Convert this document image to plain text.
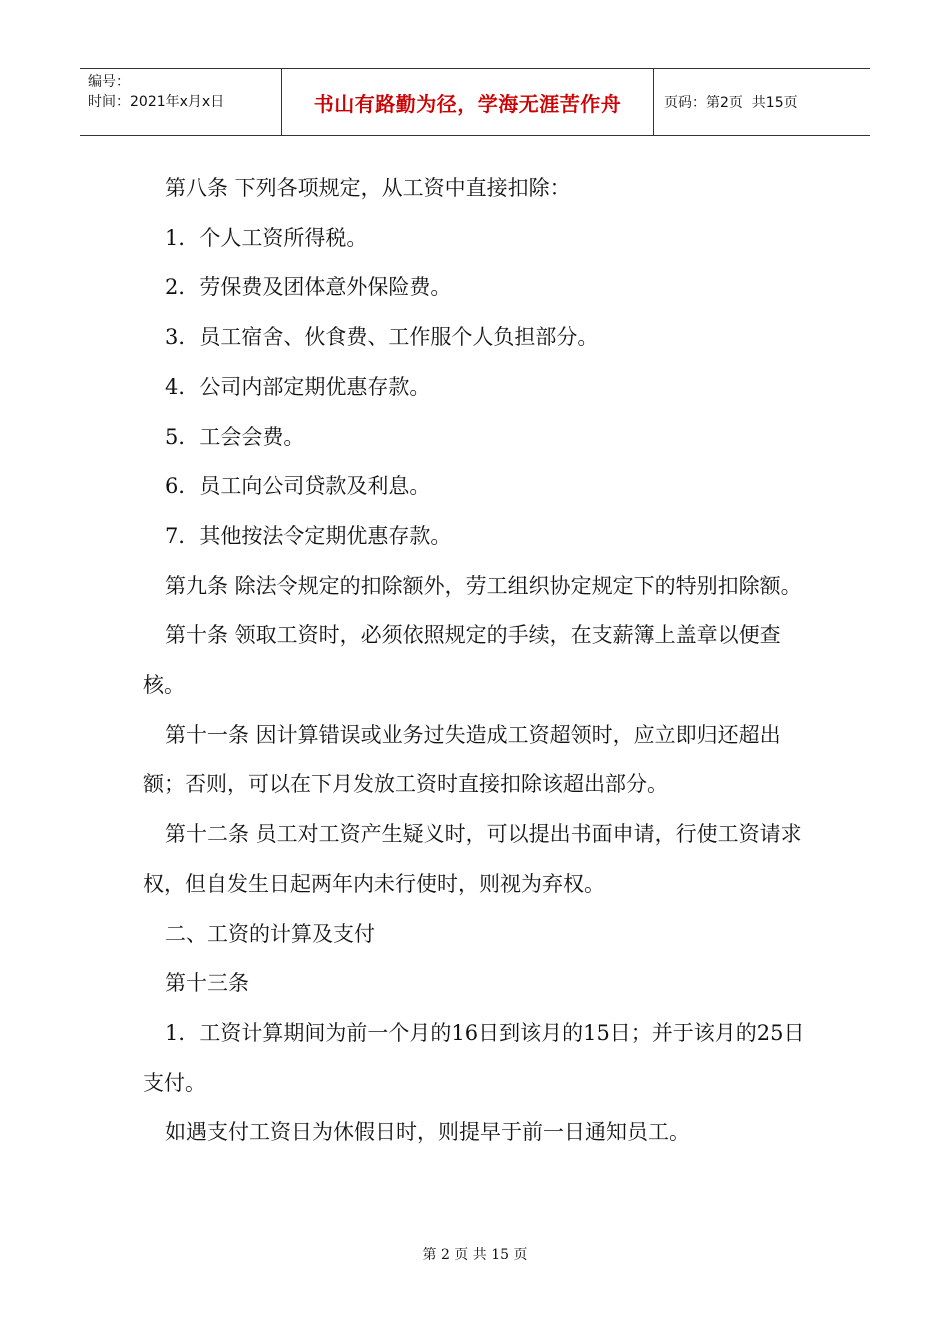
编号：
时间：2021年x月x日	书山有路勤为径，学海无涯苦作舟	页码：第2页  共15页

第八条 下列各项规定，从工资中直接扣除：

1．个人工资所得税。

2．劳保费及团体意外保险费。

3．员工宿舍、伙食费、工作服个人负担部分。

4．公司内部定期优惠存款。

5．工会会费。

6．员工向公司贷款及利息。

7．其他按法令定期优惠存款。

第九条 除法令规定的扣除额外，劳工组织协定规定下的特别扣除额。

第十条 领取工资时，必须依照规定的手续，在支薪簿上盖章以便查核。

第十一条 因计算错误或业务过失造成工资超领时，应立即归还超出额；否则，可以在下月发放工资时直接扣除该超出部分。

第十二条 员工对工资产生疑义时，可以提出书面申请，行使工资请求权，但自发生日起两年内未行使时，则视为弃权。

二、工资的计算及支付

第十三条

1．工资计算期间为前一个月的16日到该月的15日；并于该月的25日支付。

如遇支付工资日为休假日时，则提早于前一日通知员工。

第 2 页 共 15 页
